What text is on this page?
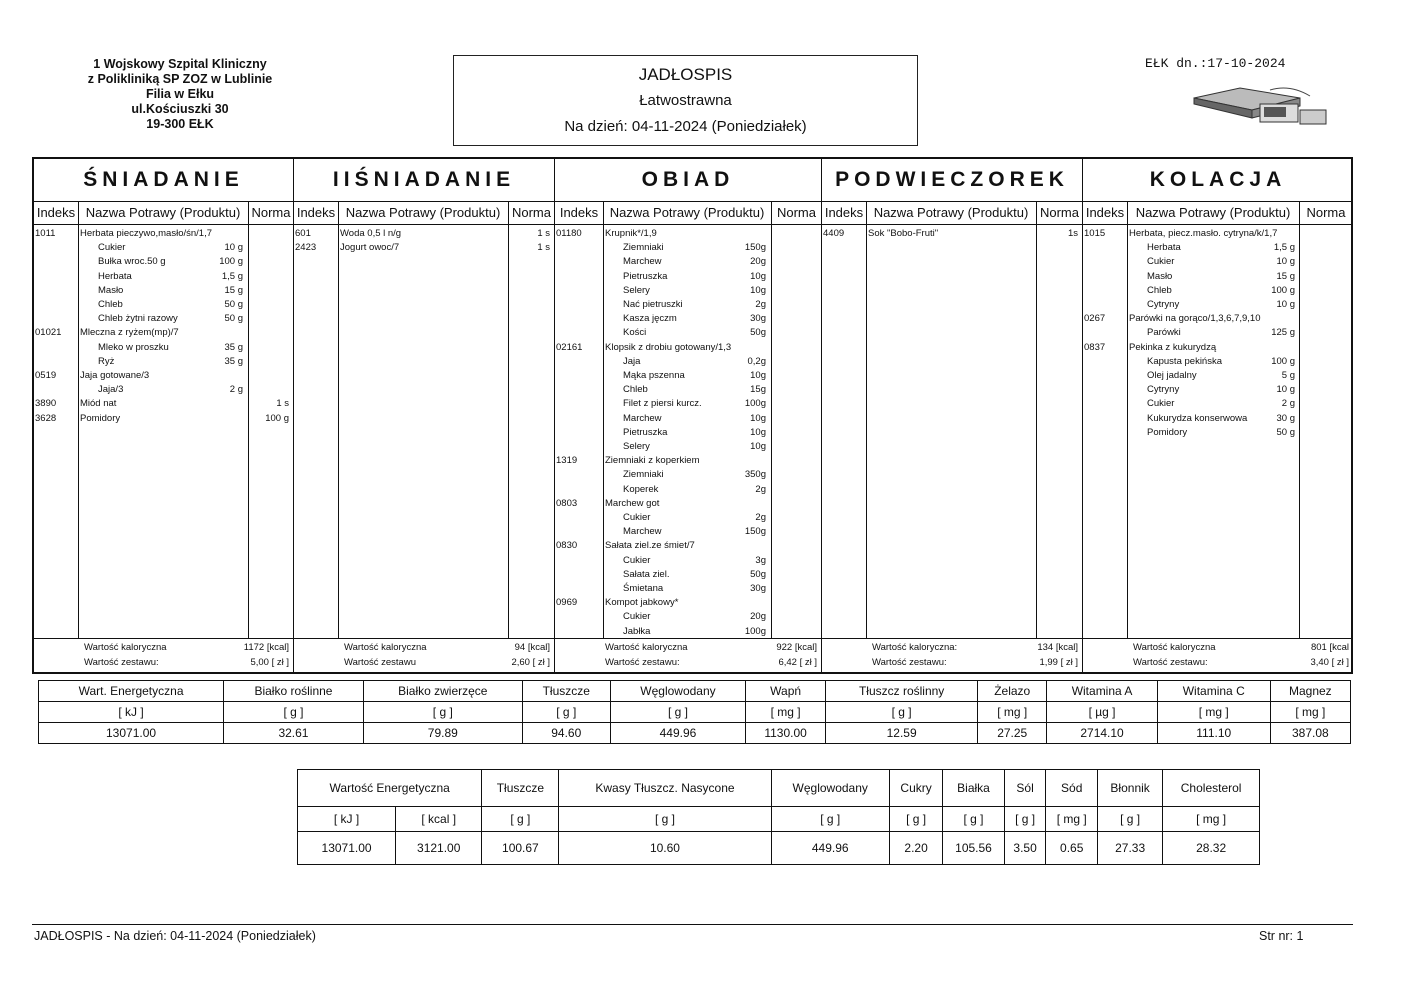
1 Wojskowy Szpital Kliniczny
z Polikliniką SP ZOZ w Lublinie
Filia w Ełku
ul.Kościuszki 30
19-300 EŁK
JADŁOSPIS
Łatwostrawna
Na dzień: 04-11-2024 (Poniedziałek)
EŁK dn.:17-10-2024
ŚNIADANIE
Indeks Nazwa Potrawy (Produktu) Norma
1011	Herbata pieczywo,masło/śn/1,7
Cukier	10 g
Bułka wroc.50 g	100 g
Herbata	1,5 g
Masło	15 g
Chleb	50 g
Chleb żytni razowy	50 g
01021 Mleczna z ryżem(mp)/7
Mleko w proszku	35 g
Ryż	35 g
0519	Jaja gotowane/3
Jaja/3	2 g
3890	Miód nat	1 s
3628	Pomidory	100 g
Wartość kaloryczna	1172 [kcal]
Wartość zestawu:	5,00 [ zł ]
IIŚNIADANIE
Indeks Nazwa Potrawy (Produktu) Norma
601	Woda 0,5 l n/g	1 s
2423	Jogurt owoc/7	1 s
Wartość kaloryczna	94 [kcal]
Wartość zestawu	2,60 [ zł ]
OBIAD
Indeks Nazwa Potrawy (Produktu) Norma
01180 Krupnik*/1,9
Ziemniaki	150g
Marchew	20g
Pietruszka	10g
Selery	10g
Nać pietruszki	2g
Kasza jęczm	30g
Kości	50g
02161 Klopsik z drobiu gotowany/1,3
Jaja	0,2g
Mąka pszenna	10g
Chleb	15g
Filet z piersi kurcz.	100g
Marchew	10g
Pietruszka	10g
Selery	10g
1319	Ziemniaki z koperkiem
Ziemniaki	350g
Koperek	2g
0803	Marchew got
Cukier	2g
Marchew	150g
0830	Sałata ziel.ze śmiet/7
Cukier	3g
Sałata ziel.	50g
Śmietana	30g
0969	Kompot jabkowy*
Cukier	20g
Jabłka	100g
Wartość kaloryczna	922 [kcal]
Wartość zestawu:	6,42 [ zł ]
PODWIECZOREK
Indeks Nazwa Potrawy (Produktu) Norma
4409	Sok "Bobo-Fruti"	1s
Wartość kaloryczna:	134 [kcal]
Wartość zestawu:	1,99 [ zł ]
KOLACJA
Indeks Nazwa Potrawy (Produktu)	Norma
1015	Herbata, piecz.masło. cytryna/k/1,7
Herbata	1,5 g
Cukier	10 g
Masło	15 g
Chleb	100 g
Cytryny	10 g
0267	Parówki na gorąco/1,3,6,7,9,10
Parówki	125 g
0837	Pekinka z kukurydzą
Kapusta pekińska	100 g
Olej jadalny	5 g
Cytryny	10 g
Cukier	2 g
Kukurydza konserwowa	30 g
Pomidory	50 g
Wartość kaloryczna	801 [kcal
Wartość zestawu:	3,40 [ zł ]
Wart. Energetyczna	Białko roślinne	Białko zwierzęce	Tłuszcze	Węglowodany	Wapń	Tłuszcz roślinny	Żelazo	Witamina A	Witamina C	Magnez
[ kJ ]	[ g ]	[ g ]	[ g ]	[ g ]	[ mg ]	[ g ]	[ mg ]	[ µg ]	[ mg ]	[ mg ]
13071.00	32.61	79.89	94.60	449.96	1130.00	12.59	27.25	2714.10	111.10	387.08
Wartość Energetyczna		Tłuszcze	Kwasy Tłuszcz. Nasycone	Węglowodany	Cukry	Białka	Sól	Sód	Błonnik	Cholesterol
[ kJ ]	[ kcal ]	[ g ]	[ g ]	[ g ]	[ g ]	[ g ]	[ g ]	[ mg ]	[ g ]	[ mg ]
13071.00	3121.00	100.67	10.60	449.96	2.20	105.56	3.50	0.65	27.33	28.32
JADŁOSPIS - Na dzień: 04-11-2024 (Poniedziałek)	Str nr: 1
